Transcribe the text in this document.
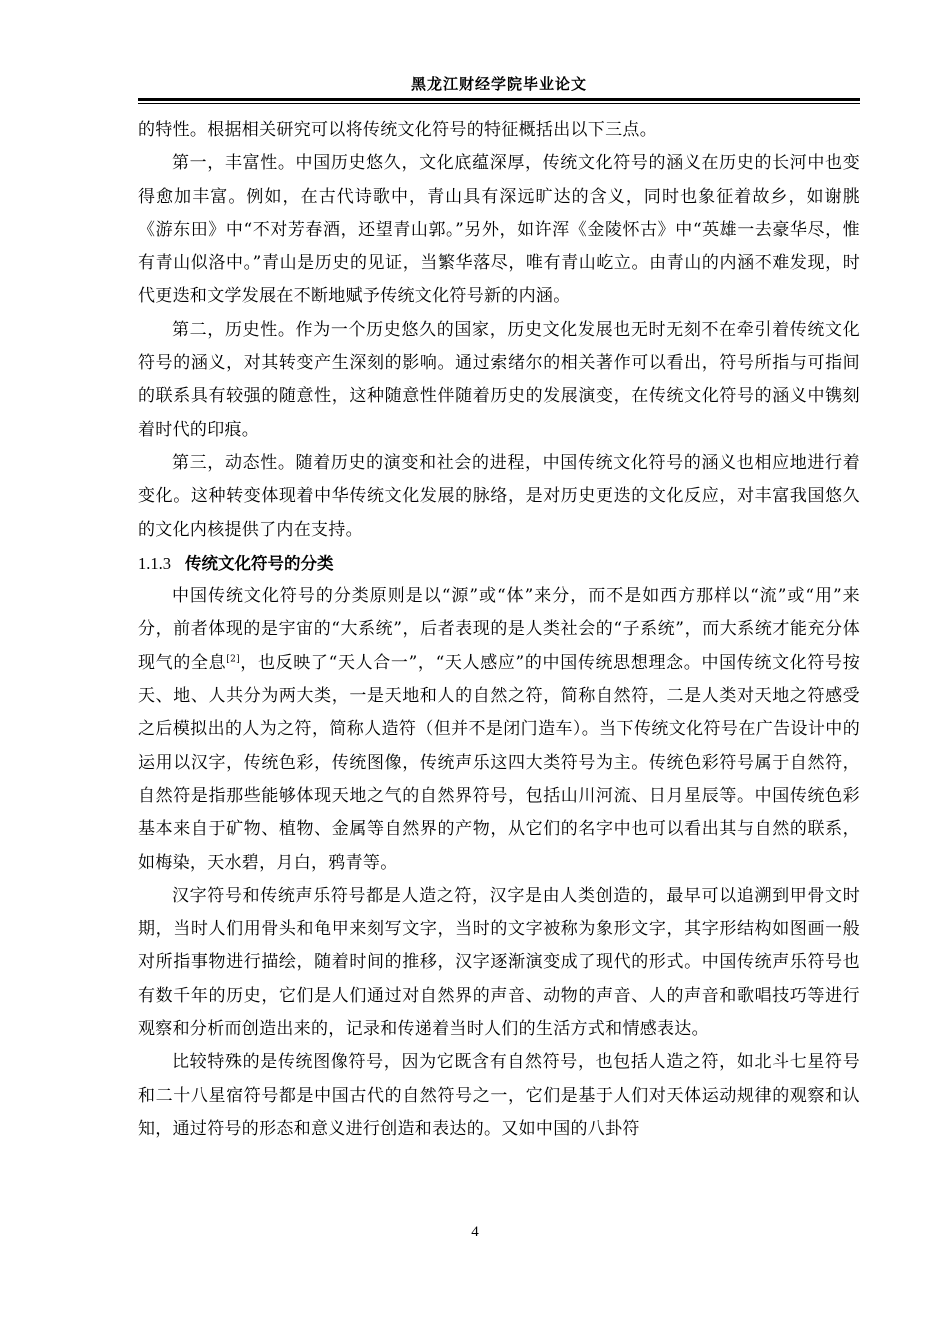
黑龙江财经学院毕业论文

的特性。根据相关研究可以将传统文化符号的特征概括出以下三点。

第一，丰富性。中国历史悠久，文化底蕴深厚，传统文化符号的涵义在历史的长河中也变得愈加丰富。例如，在古代诗歌中，青山具有深远旷达的含义，同时也象征着故乡，如谢朓《游东田》中“不对芳春酒，还望青山郭。”另外，如许浑《金陵怀古》中“英雄一去豪华尽，惟有青山似洛中。”青山是历史的见证，当繁华落尽，唯有青山屹立。由青山的内涵不难发现，时代更迭和文学发展在不断地赋予传统文化符号新的内涵。

第二，历史性。作为一个历史悠久的国家，历史文化发展也无时无刻不在牵引着传统文化符号的涵义，对其转变产生深刻的影响。通过索绪尔的相关著作可以看出，符号所指与可指间的联系具有较强的随意性，这种随意性伴随着历史的发展演变，在传统文化符号的涵义中镌刻着时代的印痕。

第三，动态性。随着历史的演变和社会的进程，中国传统文化符号的涵义也相应地进行着变化。这种转变体现着中华传统文化发展的脉络，是对历史更迭的文化反应，对丰富我国悠久的文化内核提供了内在支持。

1.1.3 传统文化符号的分类

中国传统文化符号的分类原则是以“源”或“体”来分，而不是如西方那样以“流”或“用”来分，前者体现的是宇宙的“大系统”，后者表现的是人类社会的“子系统”，而大系统才能充分体现气的全息[2]，也反映了“天人合一”，“天人感应”的中国传统思想理念。中国传统文化符号按天、地、人共分为两大类，一是天地和人的自然之符，简称自然符，二是人类对天地之符感受之后模拟出的人为之符，简称人造符（但并不是闭门造车）。当下传统文化符号在广告设计中的运用以汉字，传统色彩，传统图像，传统声乐这四大类符号为主。传统色彩符号属于自然符，自然符是指那些能够体现天地之气的自然界符号，包括山川河流、日月星辰等。中国传统色彩基本来自于矿物、植物、金属等自然界的产物，从它们的名字中也可以看出其与自然的联系，如梅染，天水碧，月白，鸦青等。

汉字符号和传统声乐符号都是人造之符，汉字是由人类创造的，最早可以追溯到甲骨文时期，当时人们用骨头和龟甲来刻写文字，当时的文字被称为象形文字，其字形结构如图画一般对所指事物进行描绘，随着时间的推移，汉字逐渐演变成了现代的形式。中国传统声乐符号也有数千年的历史，它们是人们通过对自然界的声音、动物的声音、人的声音和歌唱技巧等进行观察和分析而创造出来的，记录和传递着当时人们的生活方式和情感表达。

比较特殊的是传统图像符号，因为它既含有自然符号，也包括人造之符，如北斗七星符号和二十八星宿符号都是中国古代的自然符号之一，它们是基于人们对天体运动规律的观察和认知，通过符号的形态和意义进行创造和表达的。又如中国的八卦符

4
